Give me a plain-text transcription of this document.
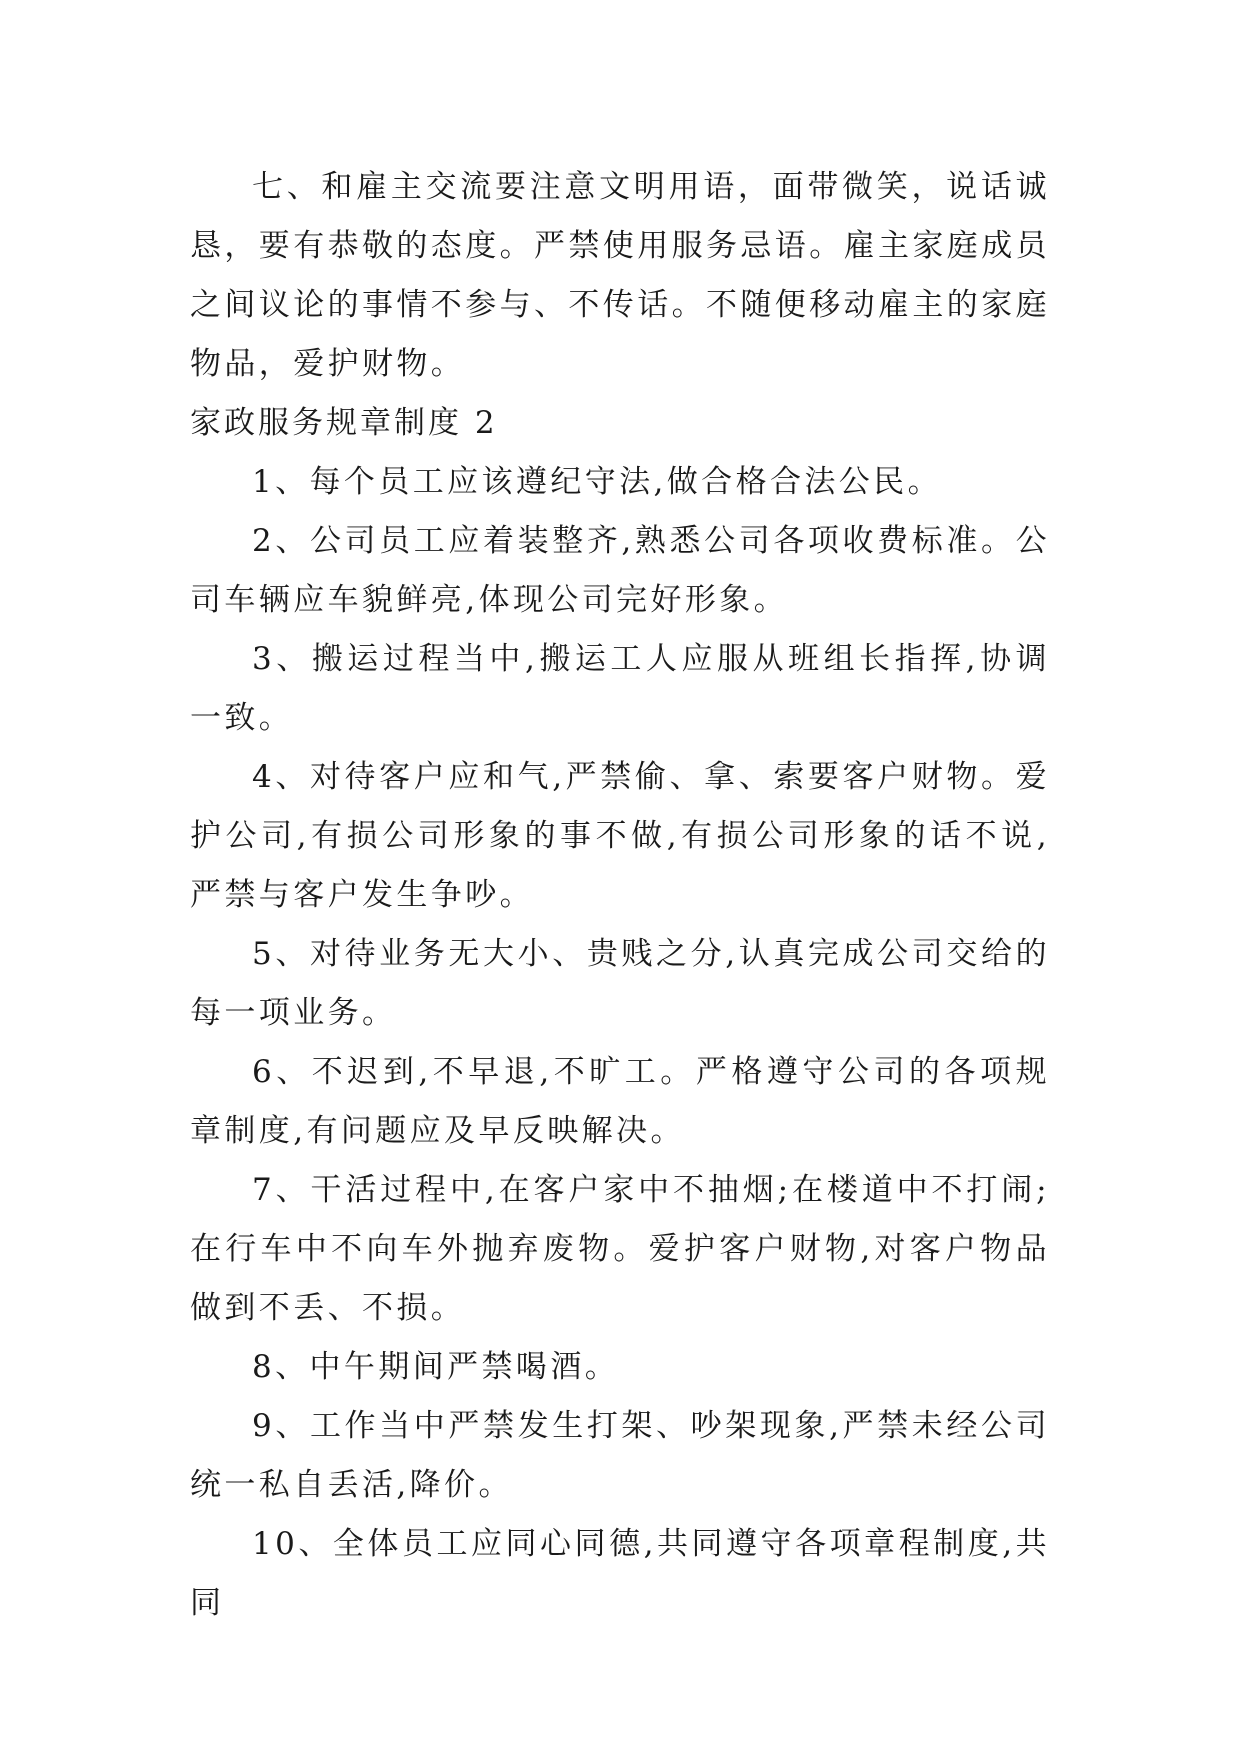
七、和雇主交流要注意文明用语，面带微笑，说话诚恳，要有恭敬的态度。严禁使用服务忌语。雇主家庭成员之间议论的事情不参与、不传话。不随便移动雇主的家庭物品，爱护财物。

家政服务规章制度 2

1、每个员工应该遵纪守法,做合格合法公民。

2、公司员工应着装整齐,熟悉公司各项收费标准。公司车辆应车貌鲜亮,体现公司完好形象。

3、搬运过程当中,搬运工人应服从班组长指挥,协调一致。

4、对待客户应和气,严禁偷、拿、索要客户财物。爱护公司,有损公司形象的事不做,有损公司形象的话不说,严禁与客户发生争吵。

5、对待业务无大小、贵贱之分,认真完成公司交给的每一项业务。

6、不迟到,不早退,不旷工。严格遵守公司的各项规章制度,有问题应及早反映解决。

7、干活过程中,在客户家中不抽烟;在楼道中不打闹;在行车中不向车外抛弃废物。爱护客户财物,对客户物品做到不丢、不损。

8、中午期间严禁喝酒。

9、工作当中严禁发生打架、吵架现象,严禁未经公司统一私自丢活,降价。

10、全体员工应同心同德,共同遵守各项章程制度,共同
